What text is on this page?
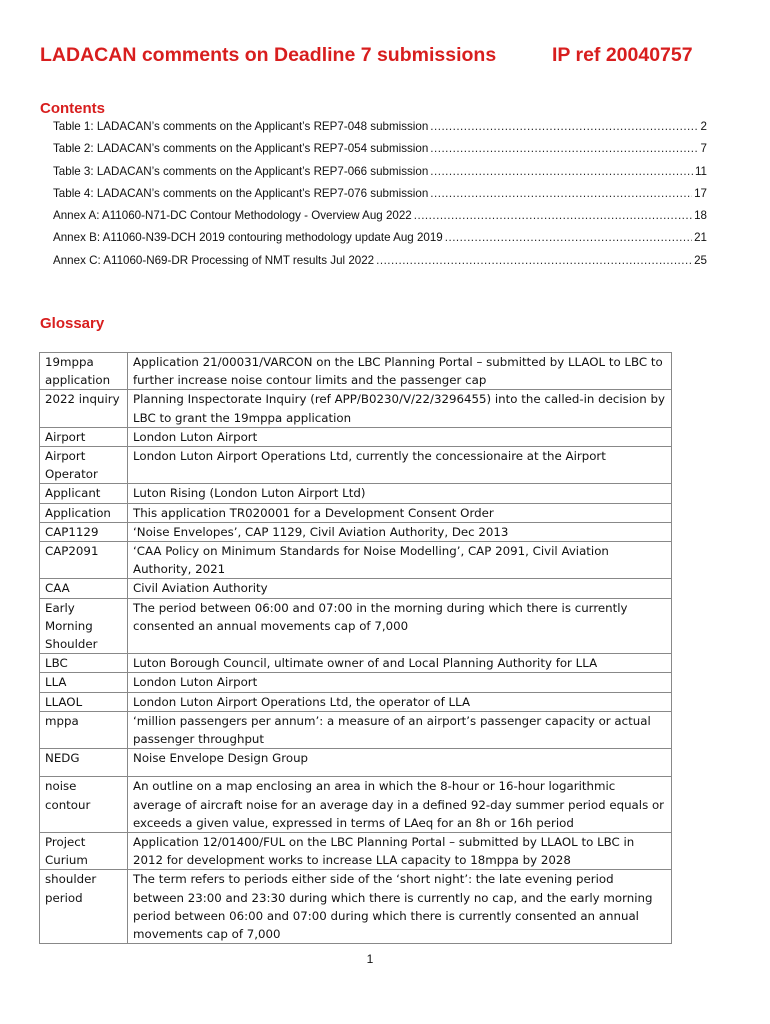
LADACAN comments on Deadline 7 submissions	IP ref 20040757
Contents
Table 1: LADACAN’s comments on the Applicant’s REP7-048 submission .....	2
Table 2: LADACAN’s comments on the Applicant’s REP7-054 submission .....	7
Table 3: LADACAN’s comments on the Applicant’s REP7-066 submission .....	11
Table 4: LADACAN’s comments on the Applicant’s REP7-076 submission .....	17
Annex A: A11060-N71-DC Contour Methodology - Overview Aug 2022 .....	18
Annex B: A11060-N39-DCH 2019 contouring methodology update Aug 2019 .....	21
Annex C: A11060-N69-DR Processing of NMT results Jul 2022 .....	25
Glossary
19mppa application	Application 21/00031/VARCON on the LBC Planning Portal – submitted by LLAOL to LBC to further increase noise contour limits and the passenger cap
2022 inquiry	Planning Inspectorate Inquiry (ref APP/B0230/V/22/3296455) into the called-in decision by LBC to grant the 19mppa application
Airport	London Luton Airport
Airport Operator	London Luton Airport Operations Ltd, currently the concessionaire at the Airport
Applicant	Luton Rising (London Luton Airport Ltd)
Application	This application TR020001 for a Development Consent Order
CAP1129	‘Noise Envelopes’, CAP 1129, Civil Aviation Authority, Dec 2013
CAP2091	‘CAA Policy on Minimum Standards for Noise Modelling’, CAP 2091, Civil Aviation Authority, 2021
CAA	Civil Aviation Authority
Early Morning Shoulder	The period between 06:00 and 07:00 in the morning during which there is currently consented an annual movements cap of 7,000
LBC	Luton Borough Council, ultimate owner of and Local Planning Authority for LLA
LLA	London Luton Airport
LLAOL	London Luton Airport Operations Ltd, the operator of LLA
mppa	‘million passengers per annum’: a measure of an airport’s passenger capacity or actual passenger throughput
NEDG	Noise Envelope Design Group
noise contour	An outline on a map enclosing an area in which the 8-hour or 16-hour logarithmic average of aircraft noise for an average day in a defined 92-day summer period equals or exceeds a given value, expressed in terms of LAeq for an 8h or 16h period
Project Curium	Application 12/01400/FUL on the LBC Planning Portal – submitted by LLAOL to LBC in 2012 for development works to increase LLA capacity to 18mppa by 2028
shoulder period	The term refers to periods either side of the ‘short night’: the late evening period between 23:00 and 23:30 during which there is currently no cap, and the early morning period between 06:00 and 07:00 during which there is currently consented an annual movements cap of 7,000
1
